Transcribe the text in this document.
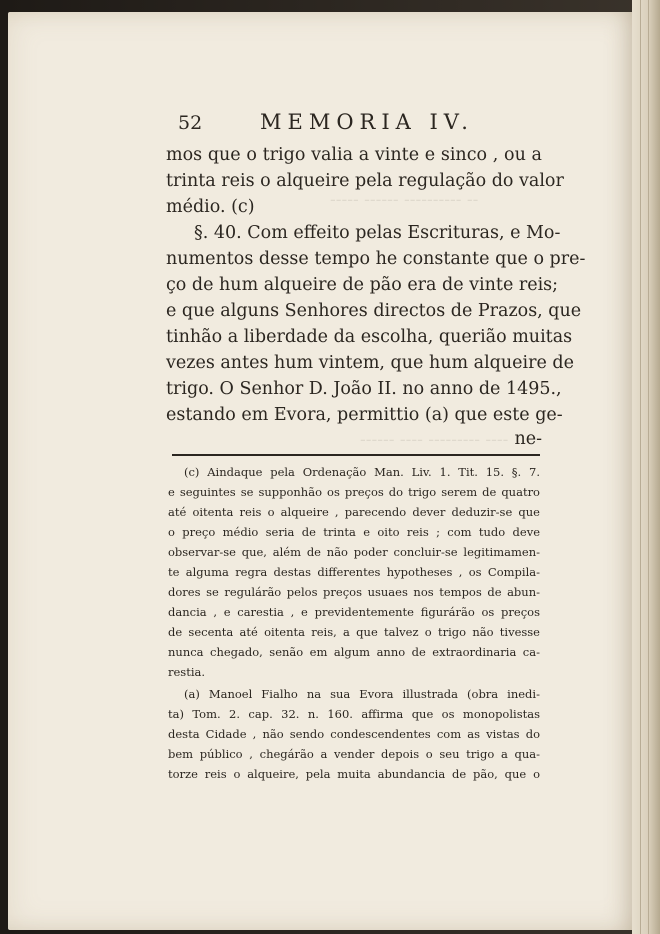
----- ------ ---------- --
------ ---- --------- ----
52	MEMORIA IV.
mos que o trigo valia a vinte e sinco , ou a
trinta reis o alqueire pela regulação do valor
médio. (c)
§. 40. Com effeito pelas Escrituras, e Mo-
numentos desse tempo he constante que o pre-
ço de hum alqueire de pão era de vinte reis;
e que alguns Senhores directos de Prazos, que
tinhão a liberdade da escolha, querião muitas
vezes antes hum vintem, que hum alqueire de
trigo. O Senhor D. João II. no anno de 1495.,
estando em Evora, permittio (a) que este ge-
ne-
(c) Aindaque pela Ordenação Man. Liv. 1. Tit. 15. §. 7.
e seguintes se supponhão os preços do trigo serem de quatro
até oitenta reis o alqueire , parecendo dever deduzir-se que
o preço médio seria de trinta e oito reis ; com tudo deve
observar-se que, além de não poder concluir-se legitimamen-
te alguma regra destas differentes hypotheses , os Compila-
dores se regulárão pelos preços usuaes nos tempos de abun-
dancia , e carestia , e previdentemente figurárão os preços
de secenta até oitenta reis, a que talvez o trigo não tivesse
nunca chegado, senão em algum anno de extraordinaria ca-
restia.
(a) Manoel Fialho na sua Evora illustrada (obra inedi-
ta) Tom. 2. cap. 32. n. 160. affirma que os monopolistas
desta Cidade , não sendo condescendentes com as vistas do
bem público , chegárão a vender depois o seu trigo a qua-
torze reis o alqueire, pela muita abundancia de pão, que o
